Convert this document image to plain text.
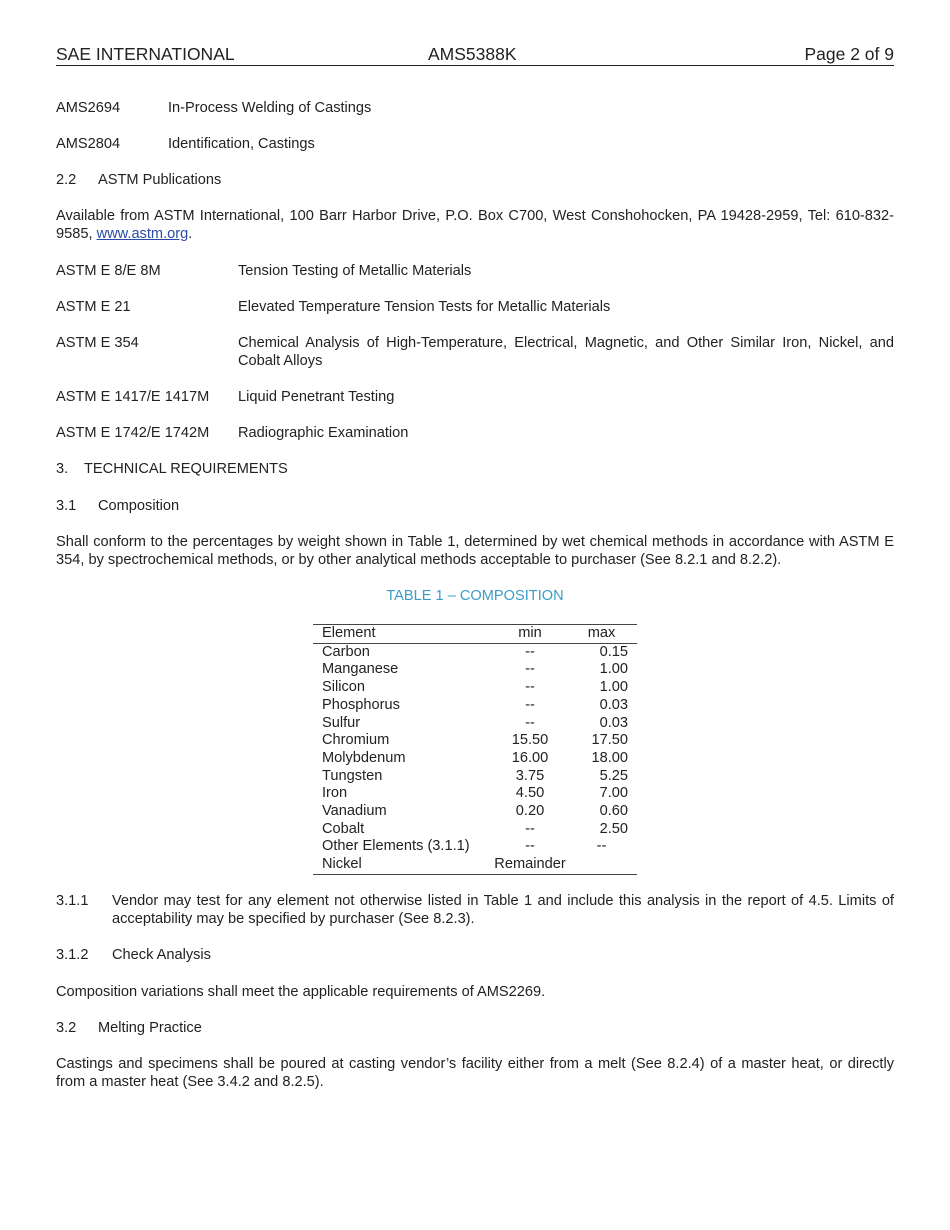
SAE INTERNATIONAL	AMS5388K	Page 2 of 9
AMS2694	In-Process Welding of Castings
AMS2804	Identification, Castings
2.2 ASTM Publications
Available from ASTM International, 100 Barr Harbor Drive, P.O. Box C700, West Conshohocken, PA 19428-2959, Tel: 610-832-9585, www.astm.org.
ASTM E 8/E 8M	Tension Testing of Metallic Materials
ASTM E 21	Elevated Temperature Tension Tests for Metallic Materials
ASTM E 354	Chemical Analysis of High-Temperature, Electrical, Magnetic, and Other Similar Iron, Nickel, and Cobalt Alloys
ASTM E 1417/E 1417M Liquid Penetrant Testing
ASTM E 1742/E 1742M Radiographic Examination
3. TECHNICAL REQUIREMENTS
3.1 Composition
Shall conform to the percentages by weight shown in Table 1, determined by wet chemical methods in accordance with ASTM E 354, by spectrochemical methods, or by other analytical methods acceptable to purchaser (See 8.2.1 and 8.2.2).
TABLE 1 – COMPOSITION
Element	min	max
Carbon	--	0.15
Manganese	--	1.00
Silicon	--	1.00
Phosphorus	--	0.03
Sulfur	--	0.03
Chromium	15.50	17.50
Molybdenum	16.00	18.00
Tungsten	3.75	5.25
Iron	4.50	7.00
Vanadium	0.20	0.60
Cobalt	--	2.50
Other Elements (3.1.1)	--	--
Nickel	Remainder	
3.1.1 Vendor may test for any element not otherwise listed in Table 1 and include this analysis in the report of 4.5. Limits of acceptability may be specified by purchaser (See 8.2.3).
3.1.2 Check Analysis
Composition variations shall meet the applicable requirements of AMS2269.
3.2 Melting Practice
Castings and specimens shall be poured at casting vendor’s facility either from a melt (See 8.2.4) of a master heat, or directly from a master heat (See 3.4.2 and 8.2.5).
